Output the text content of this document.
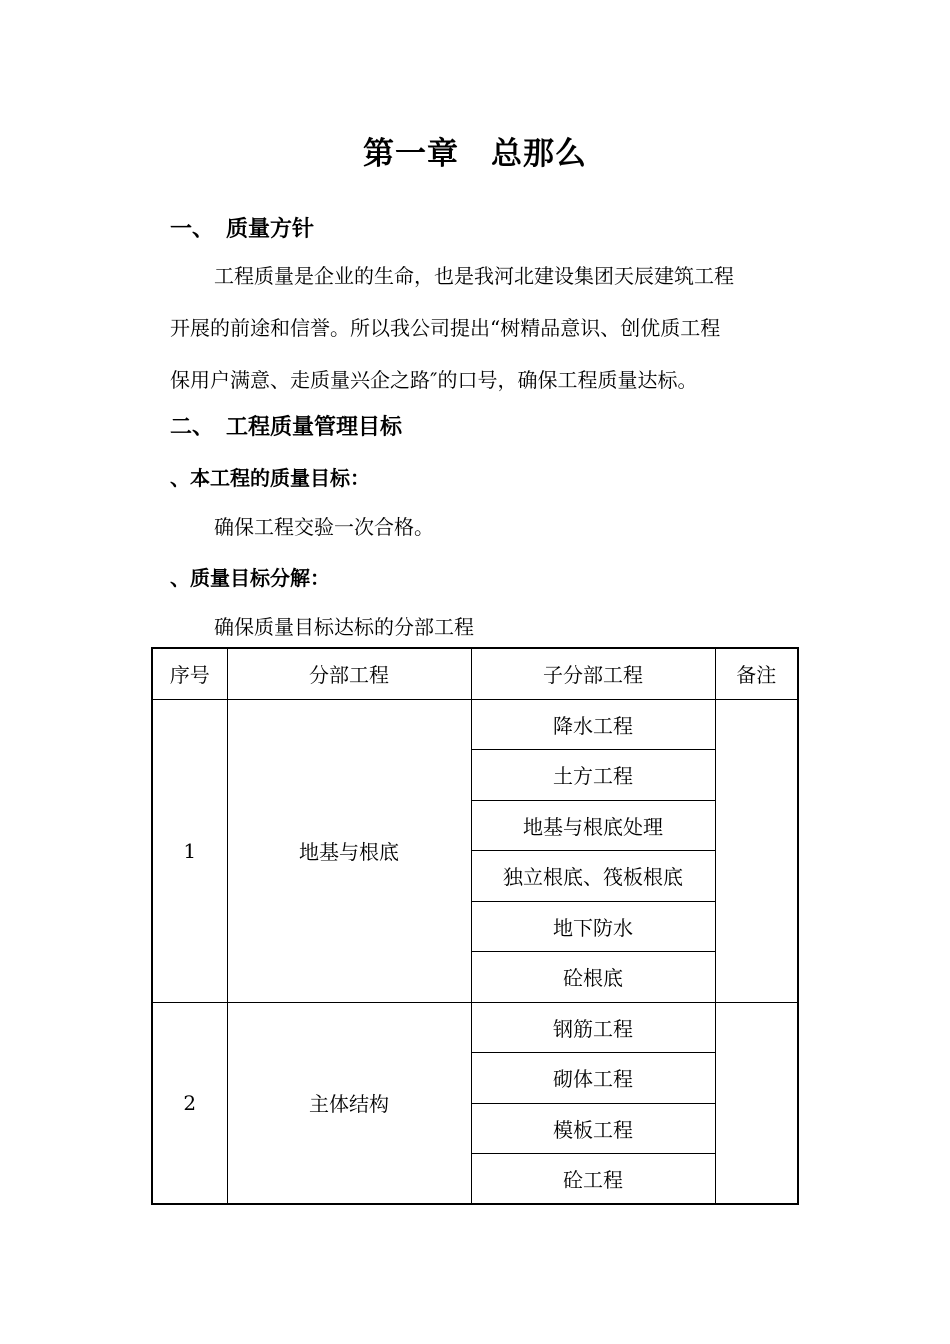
第一章　总那么
一、 质量方针

工程质量是企业的生命，也是我河北建设集团天辰建筑工程
开展的前途和信誉。所以我公司提出“树精品意识、创优质工程
保用户满意、走质量兴企之路″的口号，确保工程质量达标。

二、 工程质量管理目标
、本工程的质量目标：

确保工程交验一次合格。

、质量目标分解：

确保质量目标达标的分部工程

序号	分部工程	子分部工程	备注
1	地基与根底	降水工程	
		土方工程	
		地基与根底处理	
		独立根底、筏板根底	
		地下防水	
		砼根底	
2	主体结构	钢筋工程	
		砌体工程	
		模板工程	
		砼工程	
